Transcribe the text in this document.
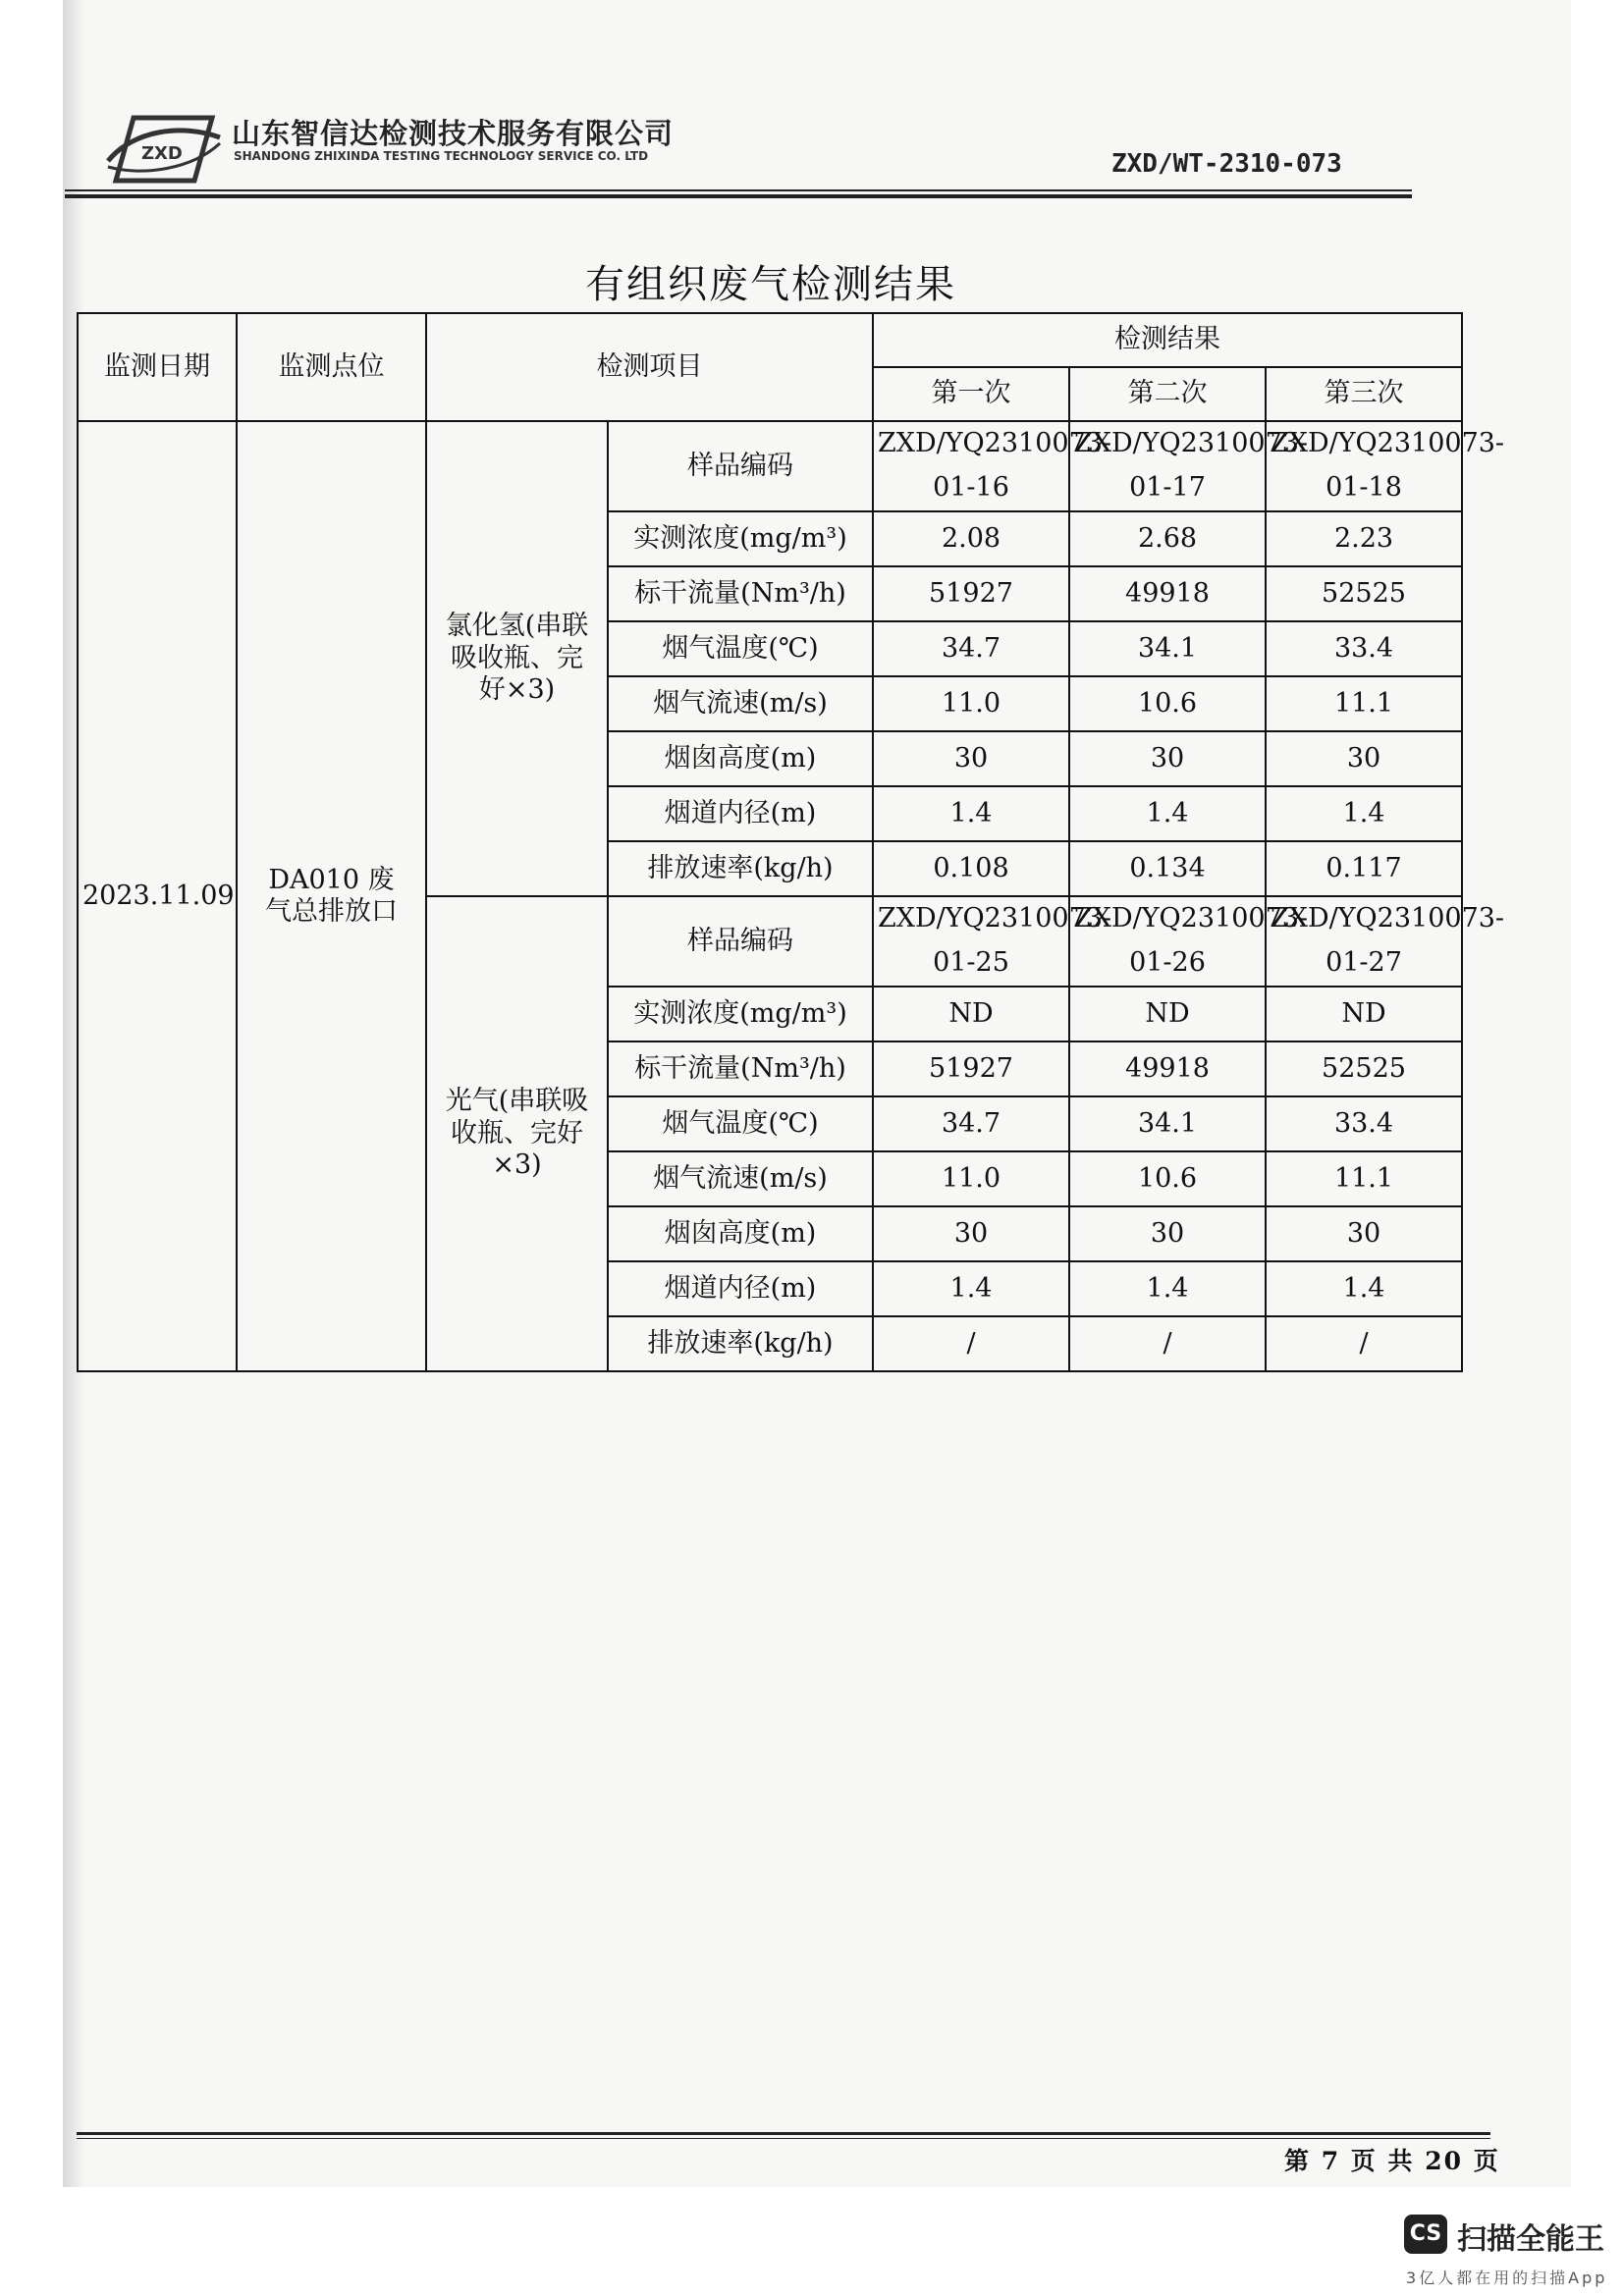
ZXD
山东智信达检测技术服务有限公司
SHANDONG ZHIXINDA TESTING TECHNOLOGY SERVICE CO. LTD	ZXD/WT-2310-073
有组织废气检测结果
监测日期	监测点位	检测项目		检测结果		
				第一次	第二次	第三次
2023.11.09	DA010 废气总排放口	氯化氢(串联吸收瓶、完好×3)	样品编码	ZXD/YQ2310073-01-16	ZXD/YQ2310073-01-17	ZXD/YQ2310073-01-18
			实测浓度(mg/m³)	2.08	2.68	2.23
			标干流量(Nm³/h)	51927	49918	52525
			烟气温度(℃)	34.7	34.1	33.4
			烟气流速(m/s)	11.0	10.6	11.1
			烟囱高度(m)	30	30	30
			烟道内径(m)	1.4	1.4	1.4
			排放速率(kg/h)	0.108	0.134	0.117
		光气(串联吸收瓶、完好×3)	样品编码	ZXD/YQ2310073-01-25	ZXD/YQ2310073-01-26	ZXD/YQ2310073-01-27
			实测浓度(mg/m³)	ND	ND	ND
			标干流量(Nm³/h)	51927	49918	52525
			烟气温度(℃)	34.7	34.1	33.4
			烟气流速(m/s)	11.0	10.6	11.1
			烟囱高度(m)	30	30	30
			烟道内径(m)	1.4	1.4	1.4
			排放速率(kg/h)	/	/	/
第 7 页 共 20 页
CS 扫描全能王
3亿人都在用的扫描App
